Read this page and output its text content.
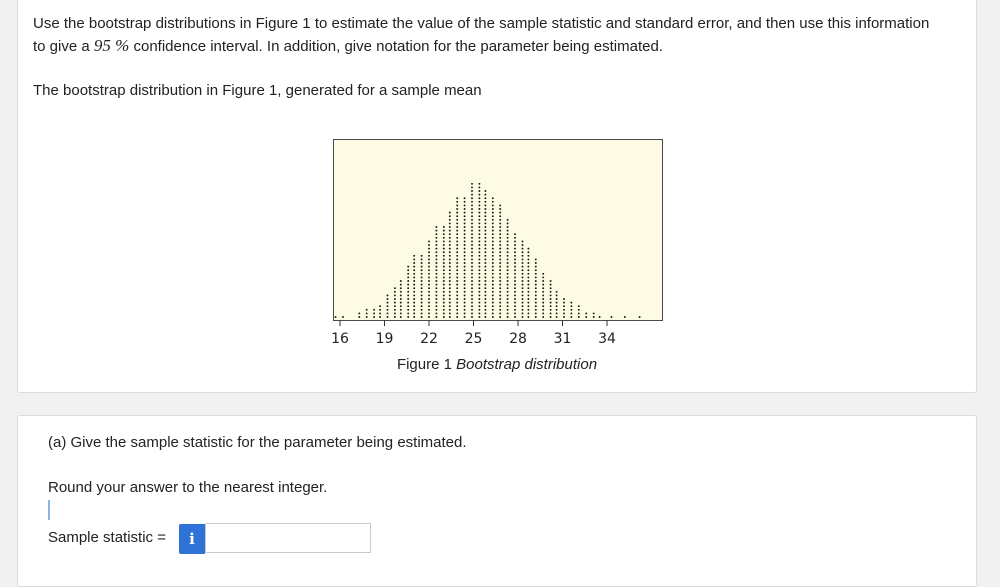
Use the bootstrap distributions in Figure 1 to estimate the value of the sample statistic and standard error, and then use this information to give a 95 % confidence interval. In addition, give notation for the parameter being estimated.
The bootstrap distribution in Figure 1, generated for a sample mean
16 19 22 25 28 31 34
Figure 1 Bootstrap distribution
(a) Give the sample statistic for the parameter being estimated.
Round your answer to the nearest integer.
Sample statistic =	i
